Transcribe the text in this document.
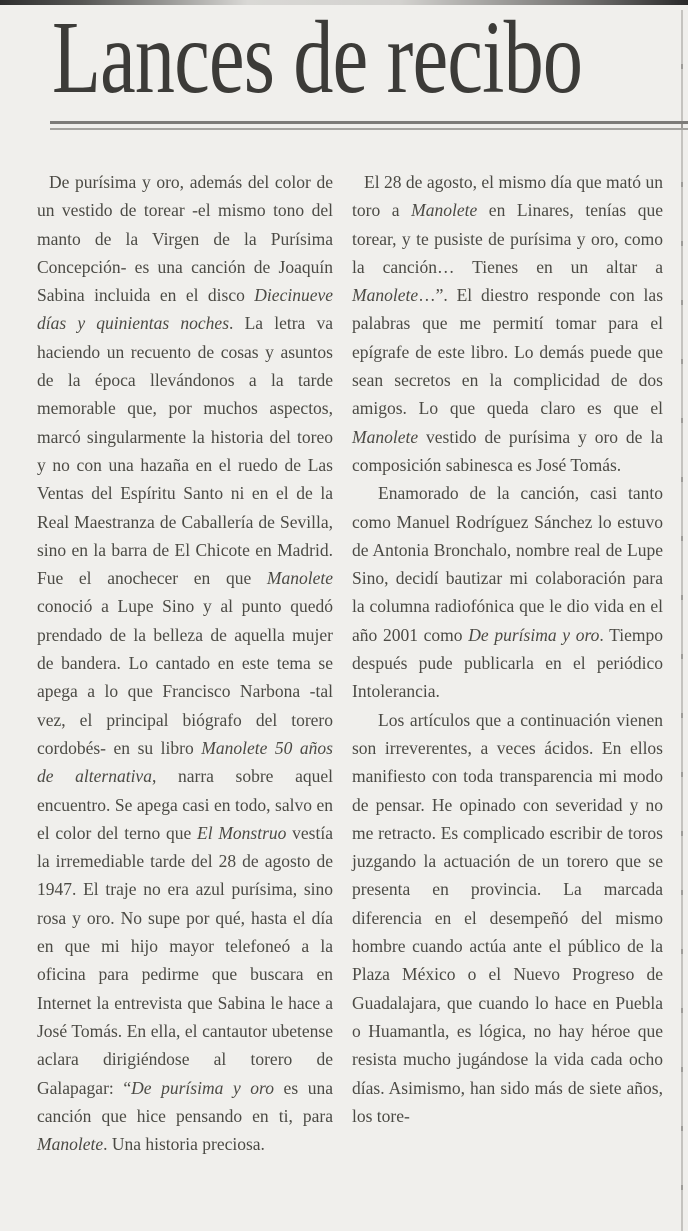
Lances de recibo

De purísima y oro, además del color de un vestido de torear -el mismo tono del manto de la Virgen de la Purísima Concepción- es una canción de Joaquín Sabina incluida en el disco Diecinueve días y quinientas noches. La letra va haciendo un recuento de cosas y asuntos de la época llevándonos a la tarde memorable que, por muchos aspectos, marcó singularmente la historia del toreo y no con una hazaña en el ruedo de Las Ventas del Espíritu Santo ni en el de la Real Maestranza de Caballería de Sevilla, sino en la barra de El Chicote en Madrid. Fue el anochecer en que Manolete conoció a Lupe Sino y al punto quedó prendado de la belleza de aquella mujer de bandera. Lo cantado en este tema se apega a lo que Francisco Narbona -tal vez, el principal biógrafo del torero cordobés- en su libro Manolete 50 años de alternativa, narra sobre aquel encuentro. Se apega casi en todo, salvo en el color del terno que El Monstruo vestía la irremediable tarde del 28 de agosto de 1947. El traje no era azul purísima, sino rosa y oro. No supe por qué, hasta el día en que mi hijo mayor telefoneó a la oficina para pedirme que buscara en Internet la entrevista que Sabina le hace a José Tomás. En ella, el cantautor ubetense aclara dirigiéndose al torero de Galapagar: “De purísima y oro es una canción que hice pensando en ti, para Manolete. Una historia preciosa.

El 28 de agosto, el mismo día que mató un toro a Manolete en Linares, tenías que torear, y te pusiste de purísima y oro, como la canción… Tienes en un altar a Manolete…”. El diestro responde con las palabras que me permití tomar para el epígrafe de este libro. Lo demás puede que sean secretos en la complicidad de dos amigos. Lo que queda claro es que el Manolete vestido de purísima y oro de la composición sabinesca es José Tomás.

Enamorado de la canción, casi tanto como Manuel Rodríguez Sánchez lo estuvo de Antonia Bronchalo, nombre real de Lupe Sino, decidí bautizar mi colaboración para la columna radiofónica que le dio vida en el año 2001 como De purísima y oro. Tiempo después pude publicarla en el periódico Intolerancia.

Los artículos que a continuación vienen son irreverentes, a veces ácidos. En ellos manifiesto con toda transparencia mi modo de pensar. He opinado con severidad y no me retracto. Es complicado escribir de toros juzgando la actuación de un torero que se presenta en provincia. La marcada diferencia en el desempeñó del mismo hombre cuando actúa ante el público de la Plaza México o el Nuevo Progreso de Guadalajara, que cuando lo hace en Puebla o Huamantla, es lógica, no hay héroe que resista mucho jugándose la vida cada ocho días. Asimismo, han sido más de siete años, los tore-
